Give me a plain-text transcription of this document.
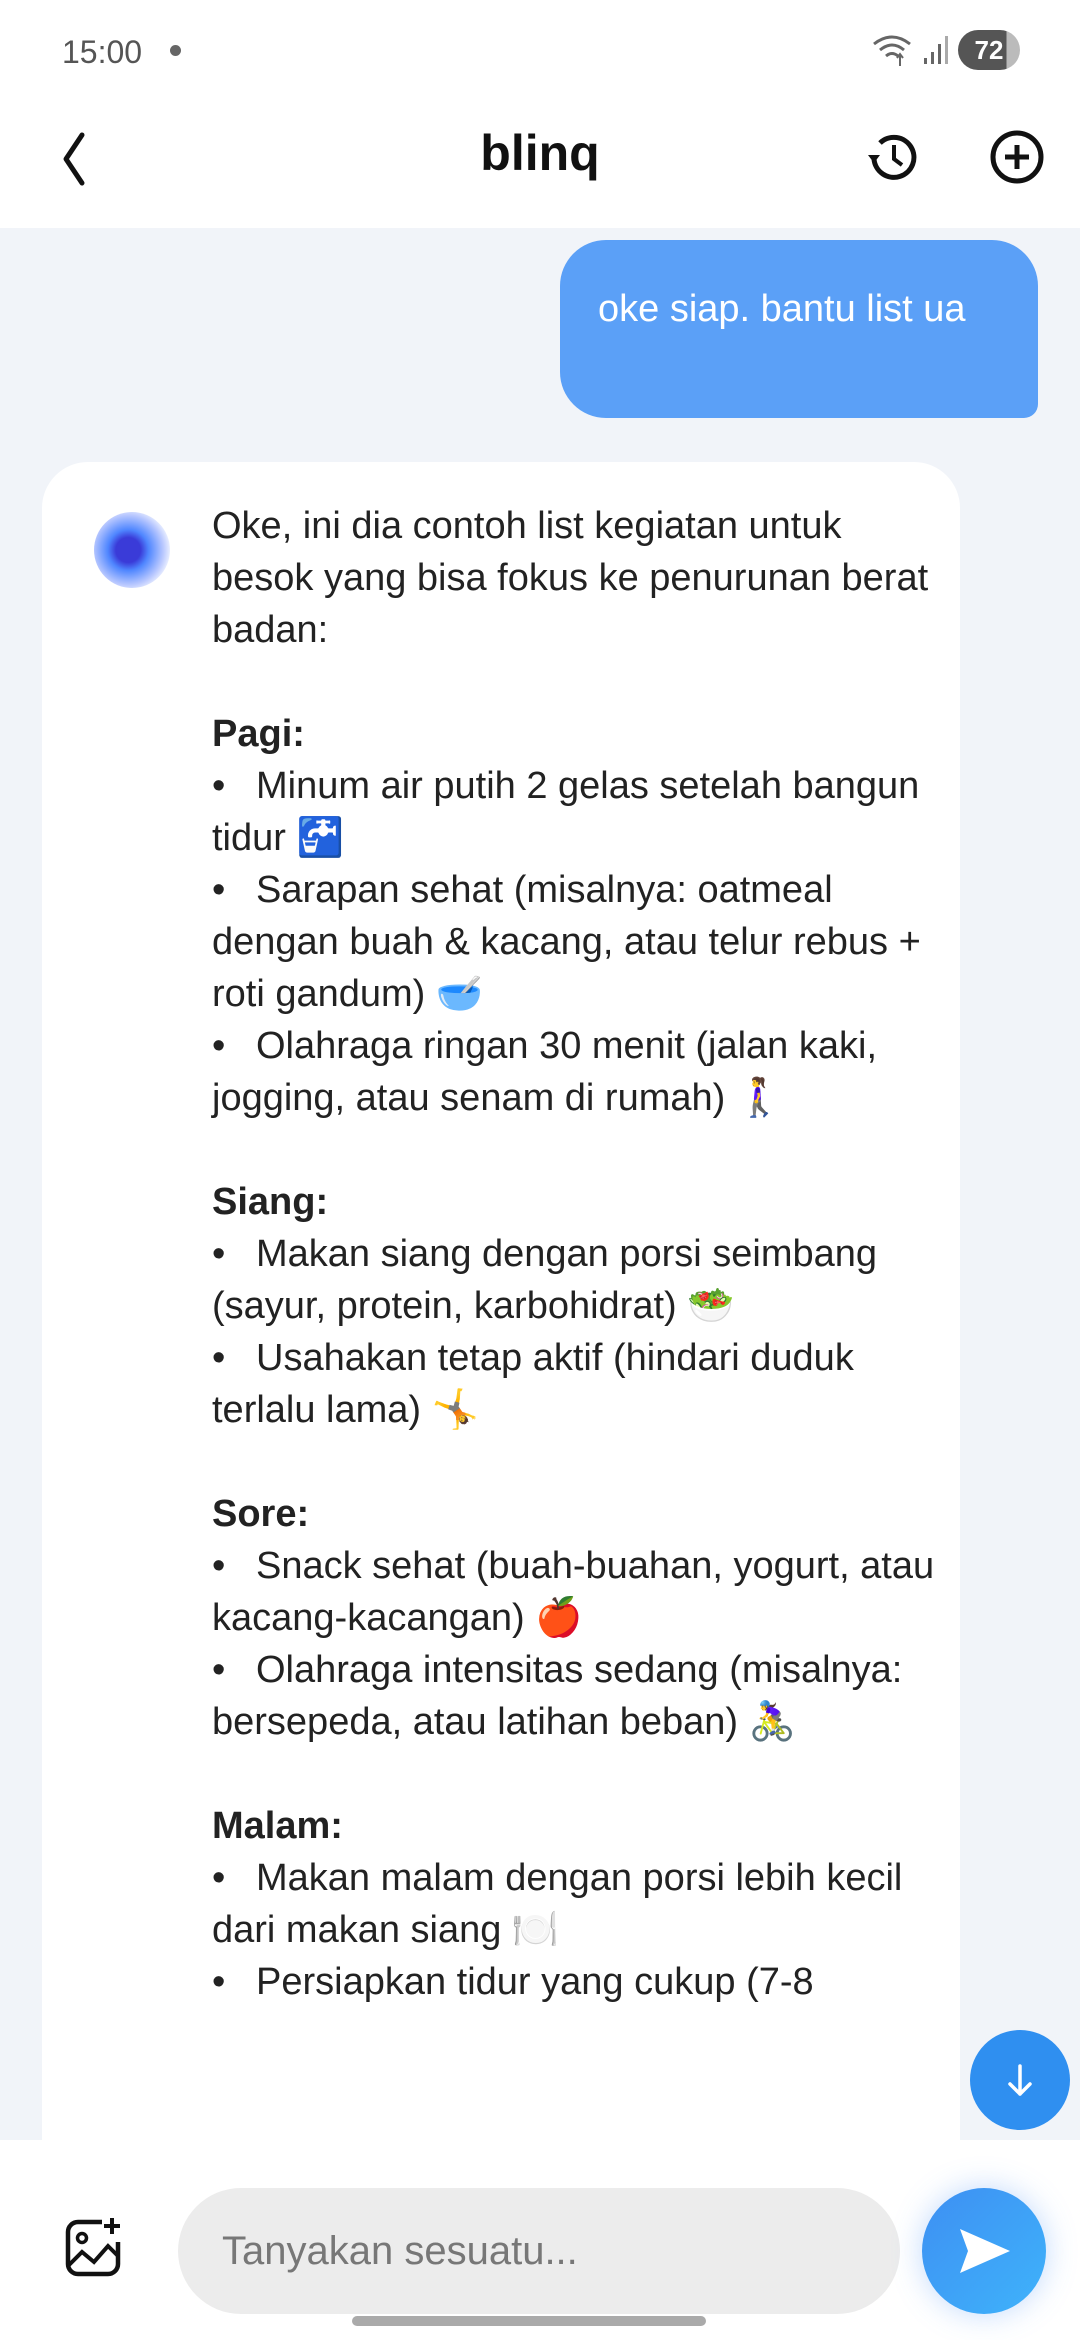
15:00	72
blinq
oke siap. bantu list ua

Oke, ini dia contoh list kegiatan untuk besok yang bisa fokus ke penurunan berat badan:

Pagi:

• Minum air putih 2 gelas setelah bangun tidur 🚰

• Sarapan sehat (misalnya: oatmeal dengan buah & kacang, atau telur rebus + roti gandum) 🥣

• Olahraga ringan 30 menit (jalan kaki, jogging, atau senam di rumah) 🚶‍♀️

Siang:

• Makan siang dengan porsi seimbang (sayur, protein, karbohidrat) 🥗

• Usahakan tetap aktif (hindari duduk terlalu lama) 🤸

Sore:

• Snack sehat (buah-buahan, yogurt, atau kacang-kacangan) 🍎

• Olahraga intensitas sedang (misalnya: bersepeda, atau latihan beban) 🚴‍♀️

Malam:

• Makan malam dengan porsi lebih kecil dari makan siang 🍽️

• Persiapkan tidur yang cukup (7-8

Tanyakan sesuatu...
